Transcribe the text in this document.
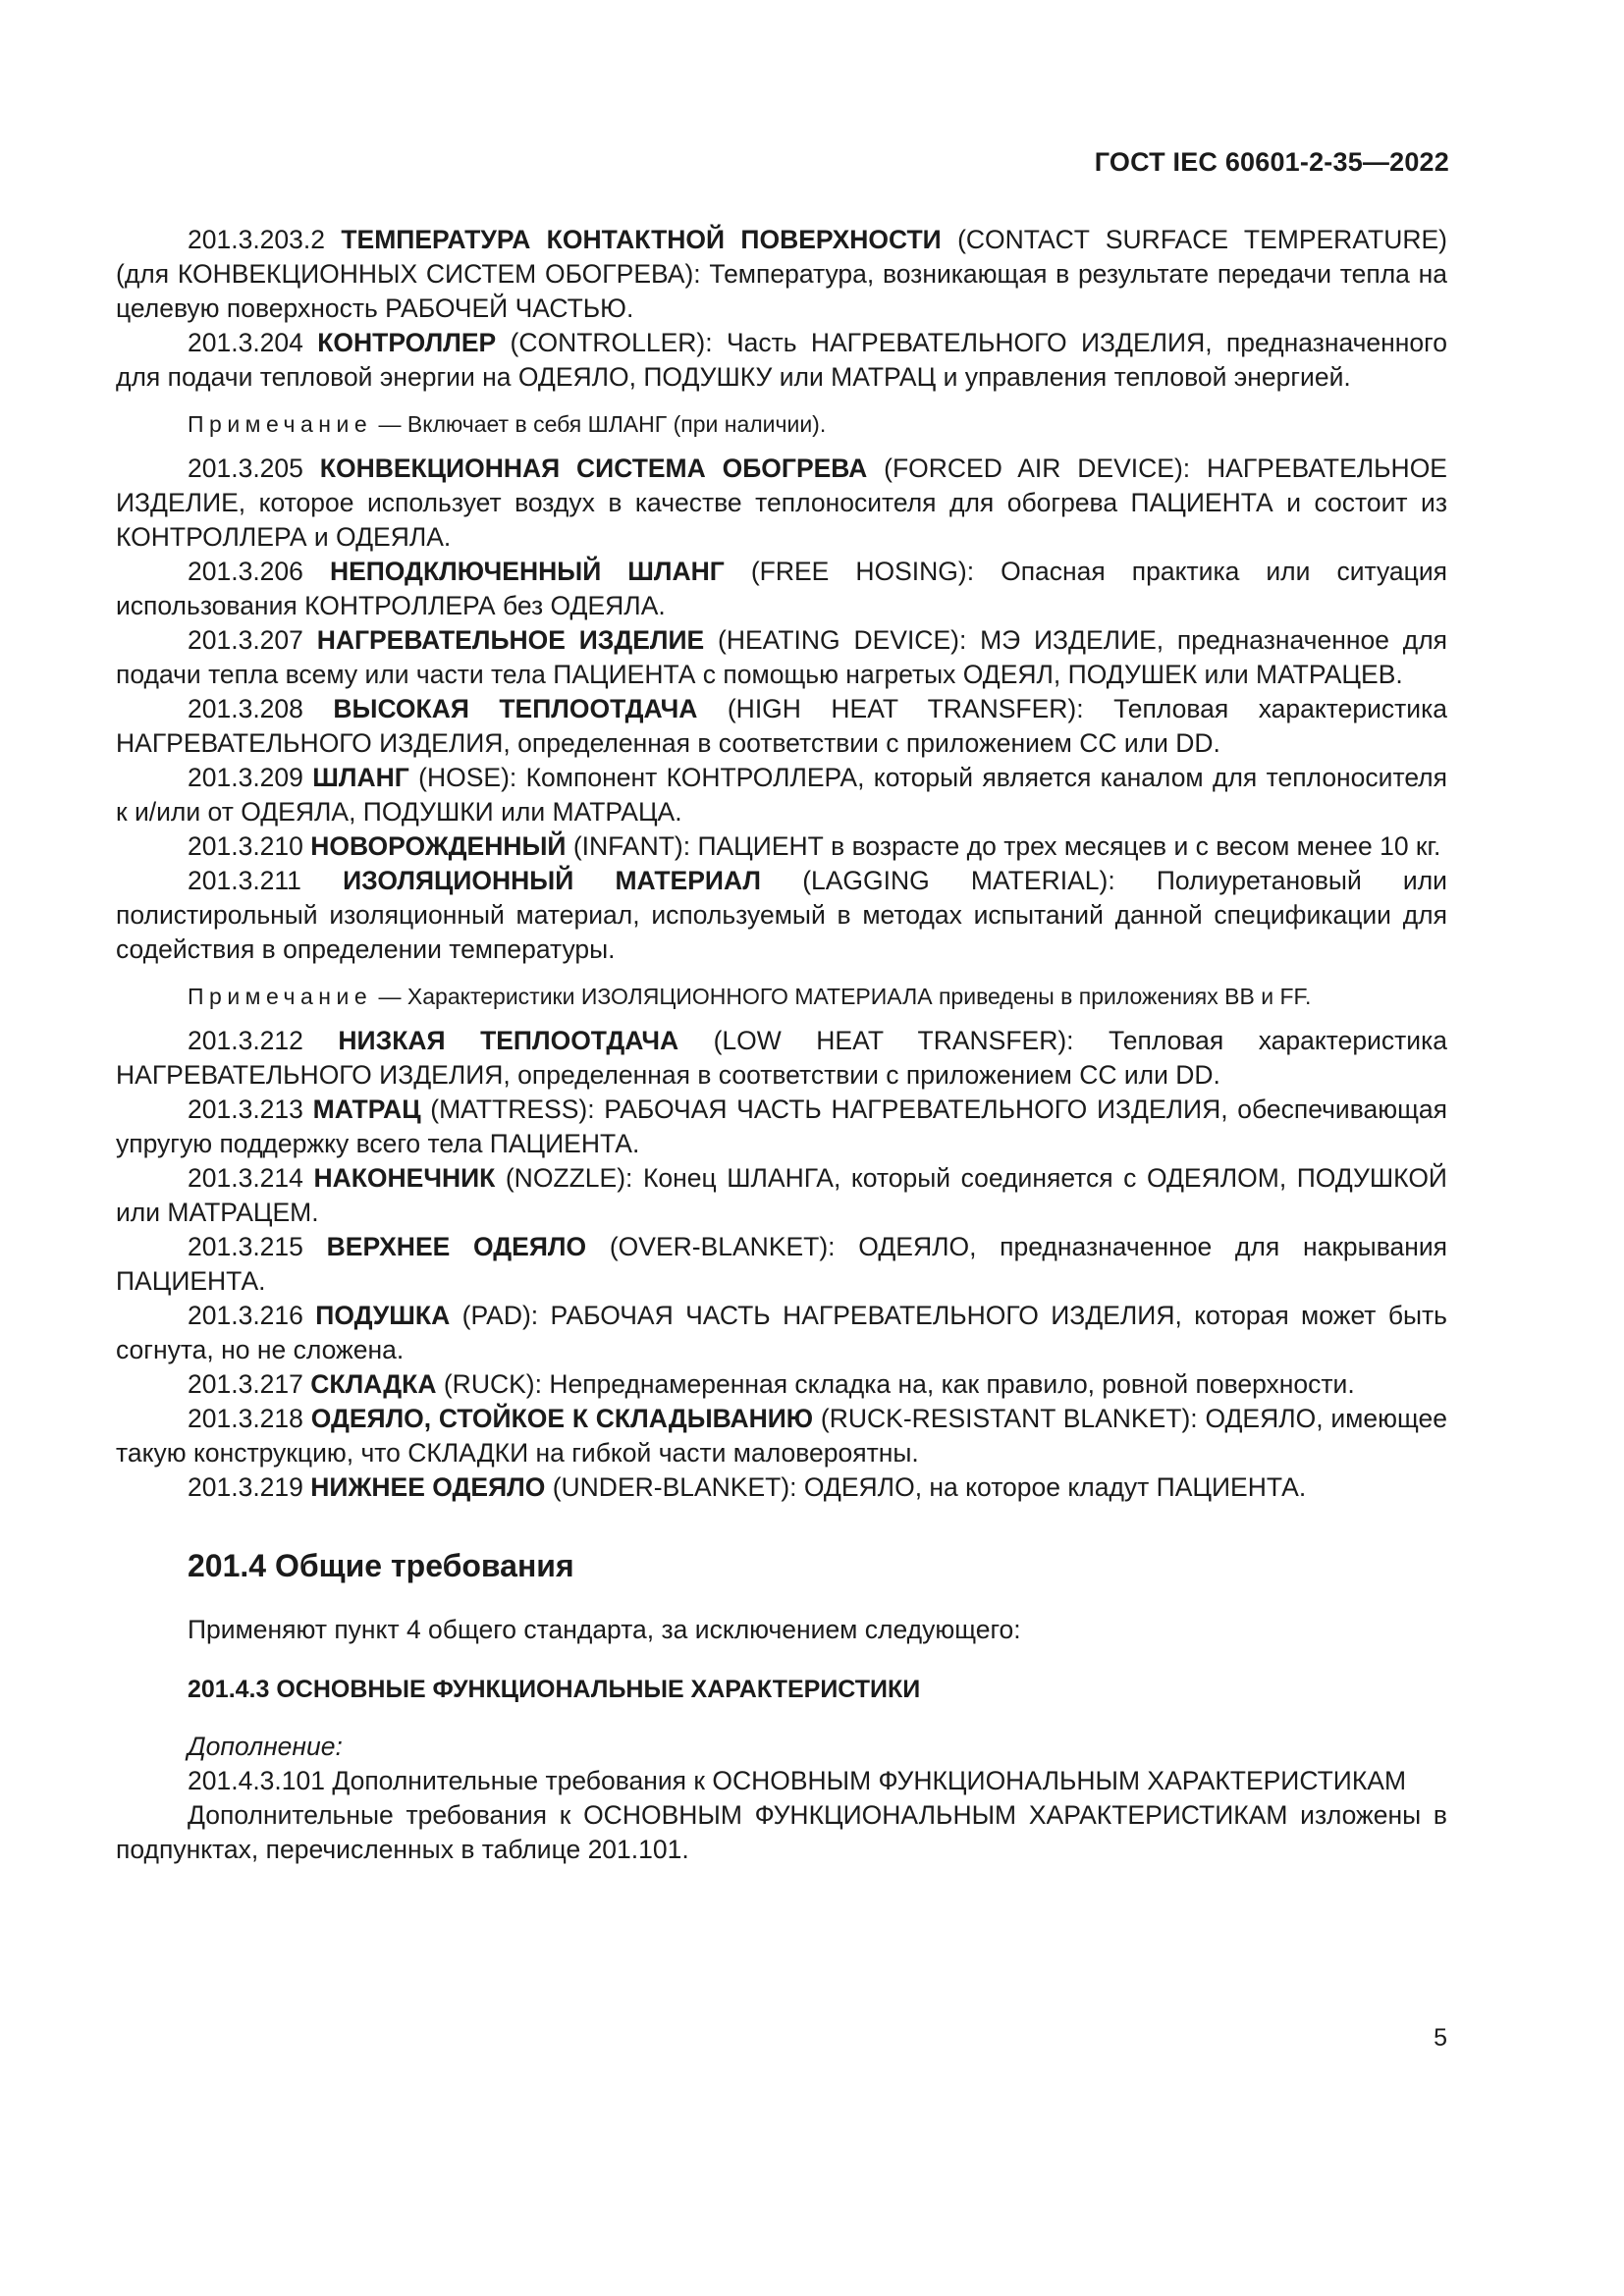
ГОСТ IEC 60601-2-35—2022

201.3.203.2 ТЕМПЕРАТУРА КОНТАКТНОЙ ПОВЕРХНОСТИ (CONTACT SURFACE TEMPERATURE) (для КОНВЕКЦИОННЫХ СИСТЕМ ОБОГРЕВА): Температура, возникающая в результате передачи тепла на целевую поверхность РАБОЧЕЙ ЧАСТЬЮ.

201.3.204 КОНТРОЛЛЕР (CONTROLLER): Часть НАГРЕВАТЕЛЬНОГО ИЗДЕЛИЯ, предназначенного для подачи тепловой энергии на ОДЕЯЛО, ПОДУШКУ или МАТРАЦ и управления тепловой энергией.

Примечание — Включает в себя ШЛАНГ (при наличии).

201.3.205 КОНВЕКЦИОННАЯ СИСТЕМА ОБОГРЕВА (FORCED AIR DEVICE): НАГРЕВАТЕЛЬНОЕ ИЗДЕЛИЕ, которое использует воздух в качестве теплоносителя для обогрева ПАЦИЕНТА и состоит из КОНТРОЛЛЕРА и ОДЕЯЛА.

201.3.206 НЕПОДКЛЮЧЕННЫЙ ШЛАНГ (FREE HOSING): Опасная практика или ситуация использования КОНТРОЛЛЕРА без ОДЕЯЛА.

201.3.207 НАГРЕВАТЕЛЬНОЕ ИЗДЕЛИЕ (HEATING DEVICE): МЭ ИЗДЕЛИЕ, предназначенное для подачи тепла всему или части тела ПАЦИЕНТА с помощью нагретых ОДЕЯЛ, ПОДУШЕК или МАТРАЦЕВ.

201.3.208 ВЫСОКАЯ ТЕПЛООТДАЧА (HIGH HEAT TRANSFER): Тепловая характеристика НАГРЕВАТЕЛЬНОГО ИЗДЕЛИЯ, определенная в соответствии с приложением CC или DD.

201.3.209 ШЛАНГ (HOSE): Компонент КОНТРОЛЛЕРА, который является каналом для теплоносителя к и/или от ОДЕЯЛА, ПОДУШКИ или МАТРАЦА.

201.3.210 НОВОРОЖДЕННЫЙ (INFANT): ПАЦИЕНТ в возрасте до трех месяцев и с весом менее 10 кг.

201.3.211 ИЗОЛЯЦИОННЫЙ МАТЕРИАЛ (LAGGING MATERIAL): Полиуретановый или полистирольный изоляционный материал, используемый в методах испытаний данной спецификации для содействия в определении температуры.

Примечание — Характеристики ИЗОЛЯЦИОННОГО МАТЕРИАЛА приведены в приложениях BB и FF.

201.3.212 НИЗКАЯ ТЕПЛООТДАЧА (LOW HEAT TRANSFER): Тепловая характеристика НАГРЕВАТЕЛЬНОГО ИЗДЕЛИЯ, определенная в соответствии с приложением CC или DD.

201.3.213 МАТРАЦ (MATTRESS): РАБОЧАЯ ЧАСТЬ НАГРЕВАТЕЛЬНОГО ИЗДЕЛИЯ, обеспечивающая упругую поддержку всего тела ПАЦИЕНТА.

201.3.214 НАКОНЕЧНИК (NOZZLE): Конец ШЛАНГА, который соединяется с ОДЕЯЛОМ, ПОДУШКОЙ или МАТРАЦЕМ.

201.3.215 ВЕРХНЕЕ ОДЕЯЛО (OVER-BLANKET): ОДЕЯЛО, предназначенное для накрывания ПАЦИЕНТА.

201.3.216 ПОДУШКА (PAD): РАБОЧАЯ ЧАСТЬ НАГРЕВАТЕЛЬНОГО ИЗДЕЛИЯ, которая может быть согнута, но не сложена.

201.3.217 СКЛАДКА (RUCK): Непреднамеренная складка на, как правило, ровной поверхности.

201.3.218 ОДЕЯЛО, СТОЙКОЕ К СКЛАДЫВАНИЮ (RUCK-RESISTANT BLANKET): ОДЕЯЛО, имеющее такую конструкцию, что СКЛАДКИ на гибкой части маловероятны.

201.3.219 НИЖНЕЕ ОДЕЯЛО (UNDER-BLANKET): ОДЕЯЛО, на которое кладут ПАЦИЕНТА.

201.4 Общие требования

Применяют пункт 4 общего стандарта, за исключением следующего:

201.4.3 ОСНОВНЫЕ ФУНКЦИОНАЛЬНЫЕ ХАРАКТЕРИСТИКИ

Дополнение:

201.4.3.101 Дополнительные требования к ОСНОВНЫМ ФУНКЦИОНАЛЬНЫМ ХАРАКТЕРИСТИКАМ

Дополнительные требования к ОСНОВНЫМ ФУНКЦИОНАЛЬНЫМ ХАРАКТЕРИСТИКАМ изложены в подпунктах, перечисленных в таблице 201.101.

5
